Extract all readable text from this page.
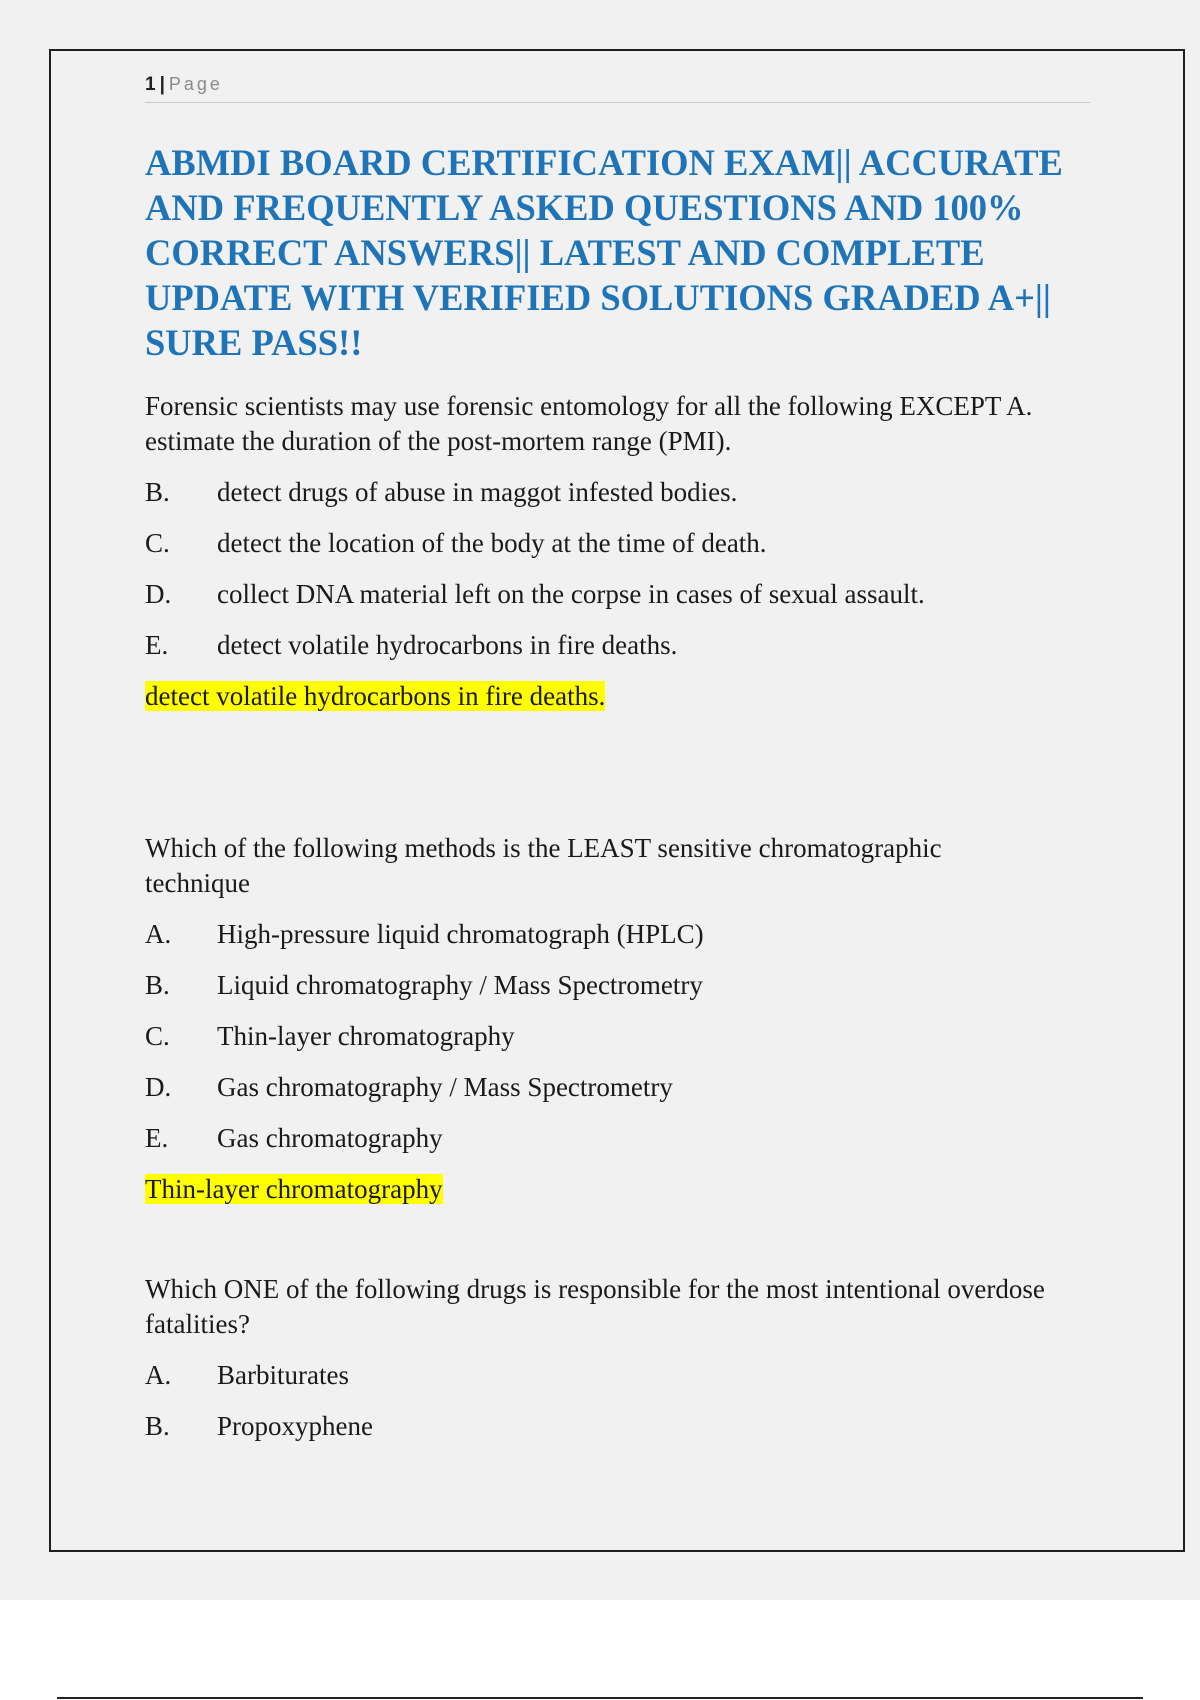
1 | Page
ABMDI BOARD CERTIFICATION EXAM|| ACCURATE AND FREQUENTLY ASKED QUESTIONS AND 100% CORRECT ANSWERS|| LATEST AND COMPLETE UPDATE WITH VERIFIED SOLUTIONS GRADED A+|| SURE PASS!!

Forensic scientists may use forensic entomology for all the following EXCEPT A. estimate the duration of the post-mortem range (PMI).

B.	detect drugs of abuse in maggot infested bodies.
C.	detect the location of the body at the time of death.
D.	collect DNA material left on the corpse in cases of sexual assault.
E.	detect volatile hydrocarbons in fire deaths.
detect volatile hydrocarbons in fire deaths.

Which of the following methods is the LEAST sensitive chromatographic technique

A.	High-pressure liquid chromatograph (HPLC)
B.	Liquid chromatography / Mass Spectrometry
C.	Thin-layer chromatography
D.	Gas chromatography / Mass Spectrometry
E.	Gas chromatography
Thin-layer chromatography

Which ONE of the following drugs is responsible for the most intentional overdose fatalities?

A.	Barbiturates
B.	Propoxyphene
